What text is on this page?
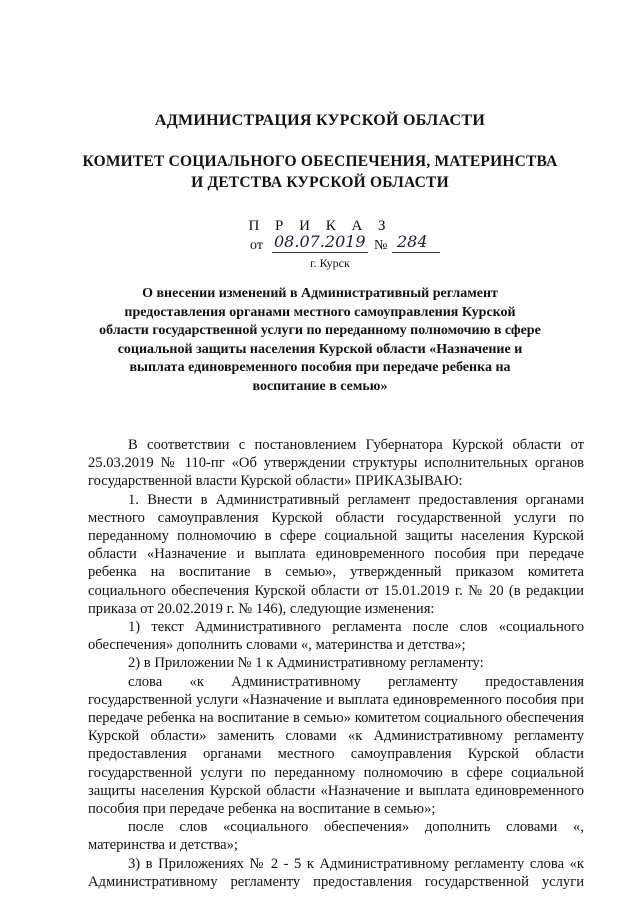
АДМИНИСТРАЦИЯ КУРСКОЙ ОБЛАСТИ
КОМИТЕТ СОЦИАЛЬНОГО ОБЕСПЕЧЕНИЯ, МАТЕРИНСТВА
И ДЕТСТВА КУРСКОЙ ОБЛАСТИ
П Р И К А З
от 08.07.2019 № 284
г. Курск
О внесении изменений в Административный регламент
предоставления органами местного самоуправления Курской
области государственной услуги по переданному полномочию в сфере
социальной защиты населения Курской области «Назначение и
выплата единовременного пособия при передаче ребенка на
воспитание в семью»

В соответствии с постановлением Губернатора Курской области от 25.03.2019 № 110-пг «Об утверждении структуры исполнительных органов государственной власти Курской области» ПРИКАЗЫВАЮ:

1. Внести в Административный регламент предоставления органами местного самоуправления Курской области государственной услуги по переданному полномочию в сфере социальной защиты населения Курской области «Назначение и выплата единовременного пособия при передаче ребенка на воспитание в семью», утвержденный приказом комитета социального обеспечения Курской области от 15.01.2019 г. № 20 (в редакции приказа от 20.02.2019 г. № 146), следующие изменения:

1) текст Административного регламента после слов «социального обеспечения» дополнить словами «, материнства и детства»;

2) в Приложении № 1 к Административному регламенту:

слова «к Административному регламенту предоставления государственной услуги «Назначение и выплата единовременного пособия при передаче ребенка на воспитание в семью» комитетом социального обеспечения Курской области» заменить словами «к Административному регламенту предоставления органами местного самоуправления Курской области государственной услуги по переданному полномочию в сфере социальной защиты населения Курской области «Назначение и выплата единовременного пособия при передаче ребенка на воспитание в семью»;

после слов «социального обеспечения» дополнить словами «, материнства и детства»;

3) в Приложениях № 2 - 5 к Административному регламенту слова «к Административному регламенту предоставления государственной услуги
